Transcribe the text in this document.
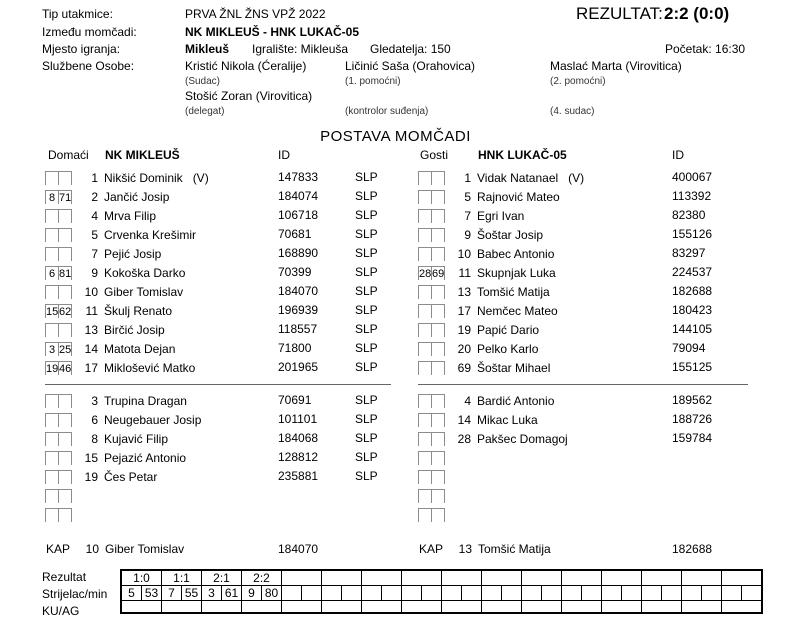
Tip utakmice:	PRVA ŽNL ŽNS VPŽ 2022	REZULTAT: 2:2 (0:0)
Između momčadi:	NK MIKLEUŠ - HNK LUKAČ-05
Mjesto igranja:	Mikleuš Igralište: Mikleuša Gledatelja: 150	Početak: 16:30
Službene Osobe:	Kristić Nikola (Ćeralije)
(Sudac)
Stošić Zoran (Virovitica)
(delegat)
Ličinić Saša (Orahovica)
(1. pomoćni)
(kontrolor suđenja)
Maslać Marta (Virovitica)
(2. pomoćni)
(4. sudac)
POSTAVA MOMČADI
Domaći NK MIKLEUŠ	ID
1 Nikšić Dominik (V)	147833	SLP
8 71	2 Jančić Josip	184074	SLP
4 Mrva Filip	106718	SLP
5 Crvenka Krešimir	70681	SLP
7 Pejić Josip	168890	SLP
6 81	9 Kokoška Darko	70399	SLP
10 Giber Tomislav	184070	SLP
15 62	11 Škulj Renato	196939	SLP
13 Birčić Josip	118557	SLP
3 25	14 Matota Dejan	71800	SLP
19 46	17 Miklošević Matko	201965	SLP
3 Trupina Dragan	70691	SLP
6 Neugebauer Josip	101101	SLP
8 Kujavić Filip	184068	SLP
15 Pejazić Antonio	128812	SLP
19 Čes Petar	235881	SLP
KAP	10 Giber Tomislav	184070
Gosti HNK LUKAČ-05	ID
1 Vidak Natanael (V)	400067
5 Rajnović Mateo	113392
7 Egri Ivan	82380
9 Šoštar Josip	155126
10 Babec Antonio	83297
28 69	11 Skupnjak Luka	224537
13 Tomšić Matija	182688
17 Nemčec Mateo	180423
19 Papić Dario	144105
20 Pelko Karlo	79094
69 Šoštar Mihael	155125
4 Bardić Antonio	189562
14 Mikac Luka	188726
28 Pakšec Domagoj	159784
KAP	13 Tomšić Matija	182688
Rezultat
Strijelac/min
KU/AG
1:0		1:1		2:1		2:2																									
5	53	7	55	3	61	9	80																								
